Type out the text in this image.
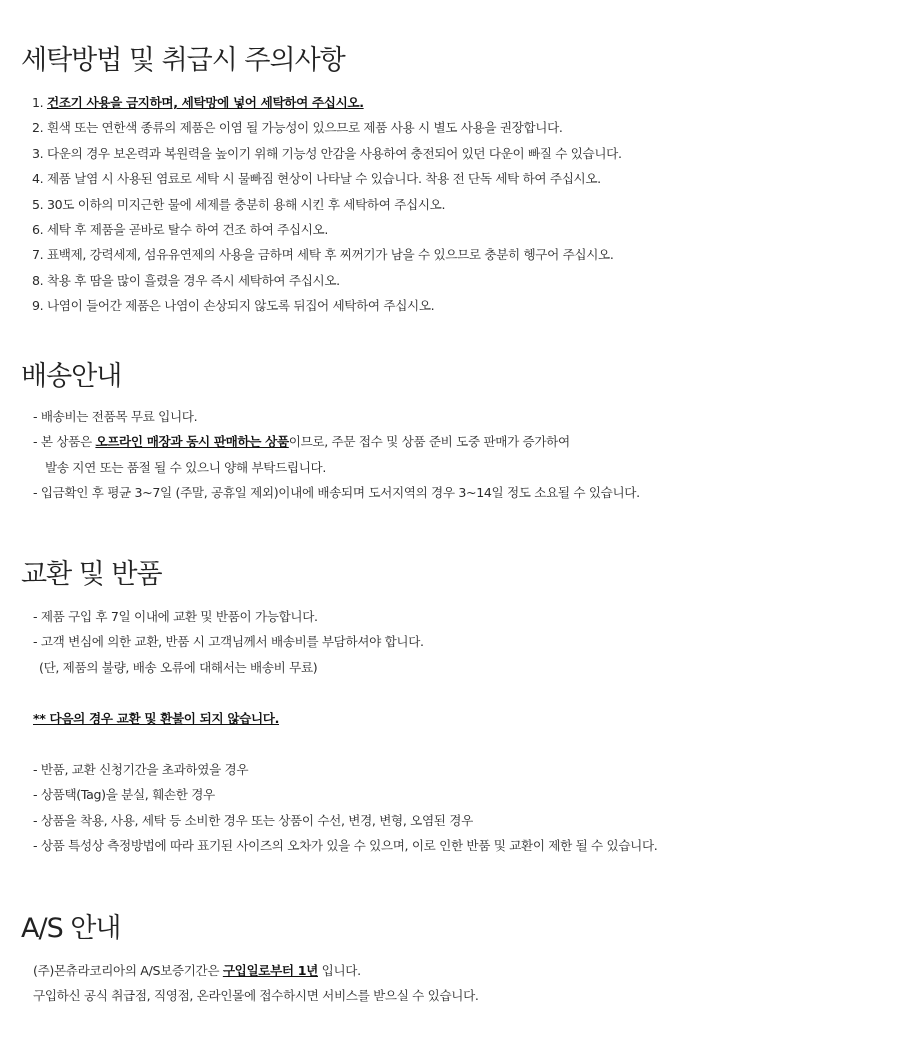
세탁방법 및 취급시 주의사항
1. 건조기 사용을 금지하며, 세탁망에 넣어 세탁하여 주십시오.
2. 흰색 또는 연한색 종류의 제품은 이염 될 가능성이 있으므로 제품 사용 시 별도 사용을 권장합니다.
3. 다운의 경우 보온력과 복원력을 높이기 위해 기능성 안감을 사용하여 충전되어 있던 다운이 빠질 수 있습니다.
4. 제품 날염 시 사용된 염료로 세탁 시 물빠짐 현상이 나타날 수 있습니다. 착용 전 단독 세탁 하여 주십시오.
5. 30도 이하의 미지근한 물에 세제를 충분히 용해 시킨 후 세탁하여 주십시오.
6. 세탁 후 제품을 곧바로 탈수 하여 건조 하여 주십시오.
7. 표백제, 강력세제, 섬유유연제의 사용을 금하며 세탁 후 찌꺼기가 남을 수 있으므로 충분히 헹구어 주십시오.
8. 착용 후 땀을 많이 흘렸을 경우 즉시 세탁하여 주십시오.
9. 나염이 들어간 제품은 나염이 손상되지 않도록 뒤집어 세탁하여 주십시오.
배송안내
- 배송비는 전품목 무료 입니다.
- 본 상품은 오프라인 매장과 동시 판매하는 상품이므로, 주문 접수 및 상품 준비 도중 판매가 증가하여
발송 지연 또는 품절 될 수 있으니 양해 부탁드립니다.
- 입금확인 후 평균 3~7일 (주말, 공휴일 제외)이내에 배송되며 도서지역의 경우 3~14일 정도 소요될 수 있습니다.
교환 및 반품
- 제품 구입 후 7일 이내에 교환 및 반품이 가능합니다.
- 고객 변심에 의한 교환, 반품 시 고객님께서 배송비를 부담하셔야 합니다.
(단, 제품의 불량, 배송 오류에 대해서는 배송비 무료)
** 다음의 경우 교환 및 환불이 되지 않습니다.
- 반품, 교환 신청기간을 초과하였을 경우
- 상품택(Tag)을 분실, 훼손한 경우
- 상품을 착용, 사용, 세탁 등 소비한 경우 또는 상품이 수선, 변경, 변형, 오염된 경우
- 상품 특성상 측정방법에 따라 표기된 사이즈의 오차가 있을 수 있으며, 이로 인한 반품 및 교환이 제한 될 수 있습니다.
A/S 안내
(주)몬츄라코리아의 A/S보증기간은 구입일로부터 1년 입니다.
구입하신 공식 취급점, 직영점, 온라인몰에 접수하시면 서비스를 받으실 수 있습니다.
